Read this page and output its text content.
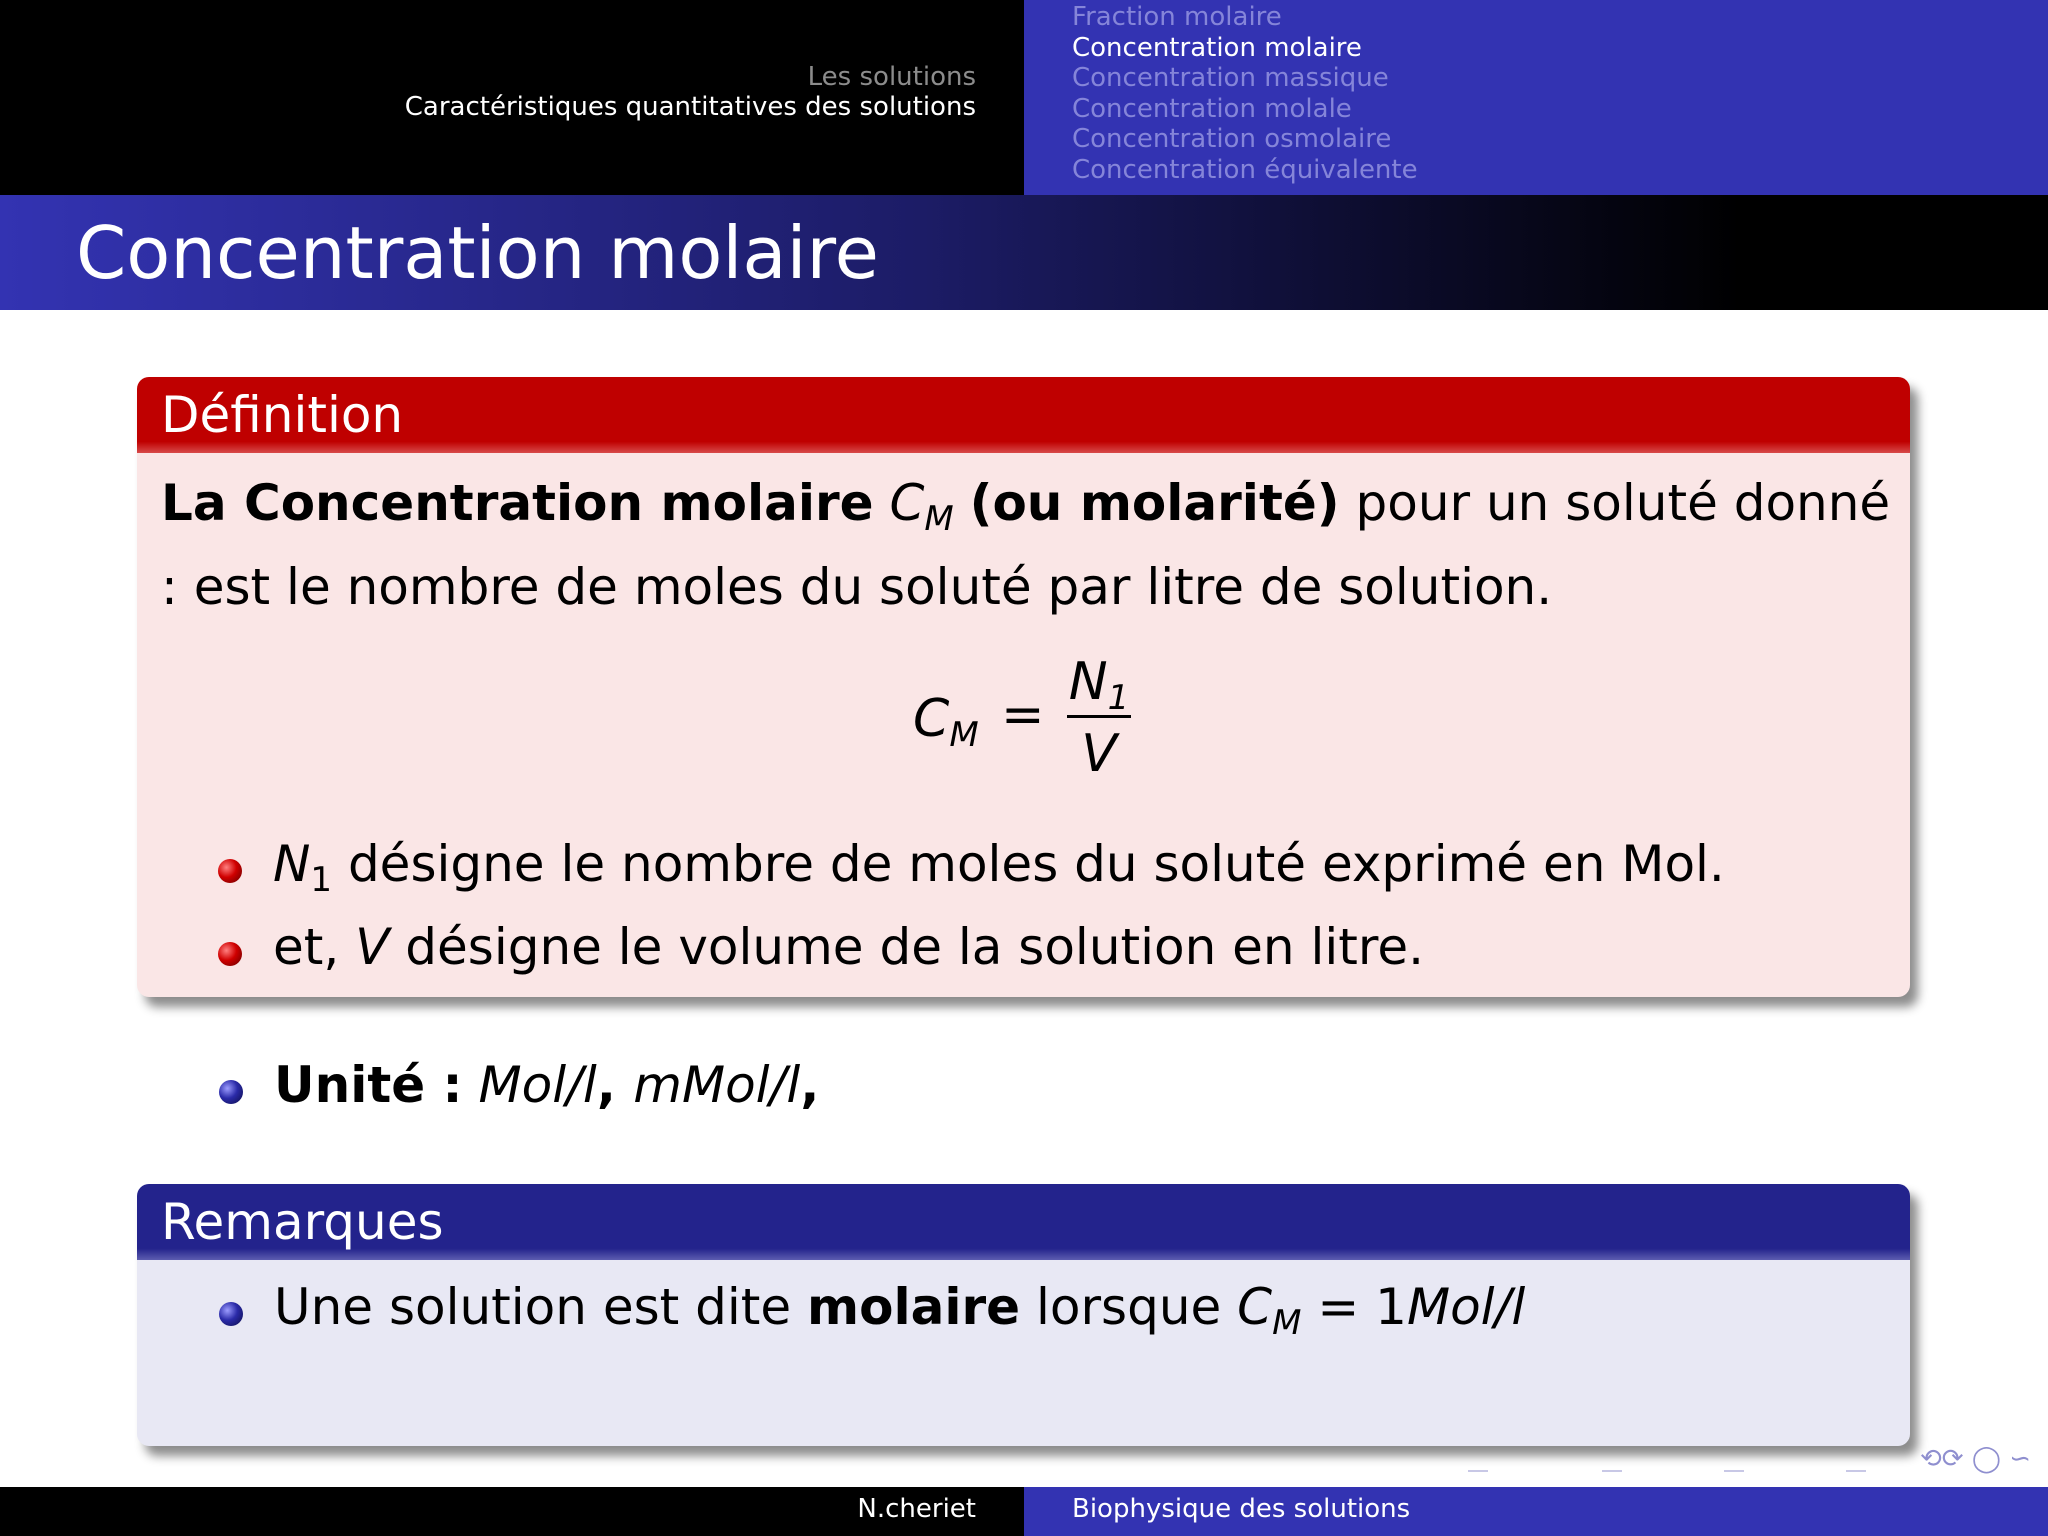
Les solutions
Caractéristiques quantitatives des solutions
Fraction molaire
Concentration molaire
Concentration massique
Concentration molale
Concentration osmolaire
Concentration équivalente
Concentration molaire
Définition
La Concentration molaire $C_M$ (ou molarité) pour un soluté donné : est le nombre de moles du soluté par litre de solution.
CM =
N1
V
$N_1$ désigne le nombre de moles du soluté exprimé en Mol.
et, V désigne le volume de la solution en litre.
Unité : Mol/l, mMol/l,
Remarques
Une solution est dite molaire lorsque $C_M = 1Mol/l$
⟲⟳ ◯ ∽
N.cheriet	Biophysique des solutions
